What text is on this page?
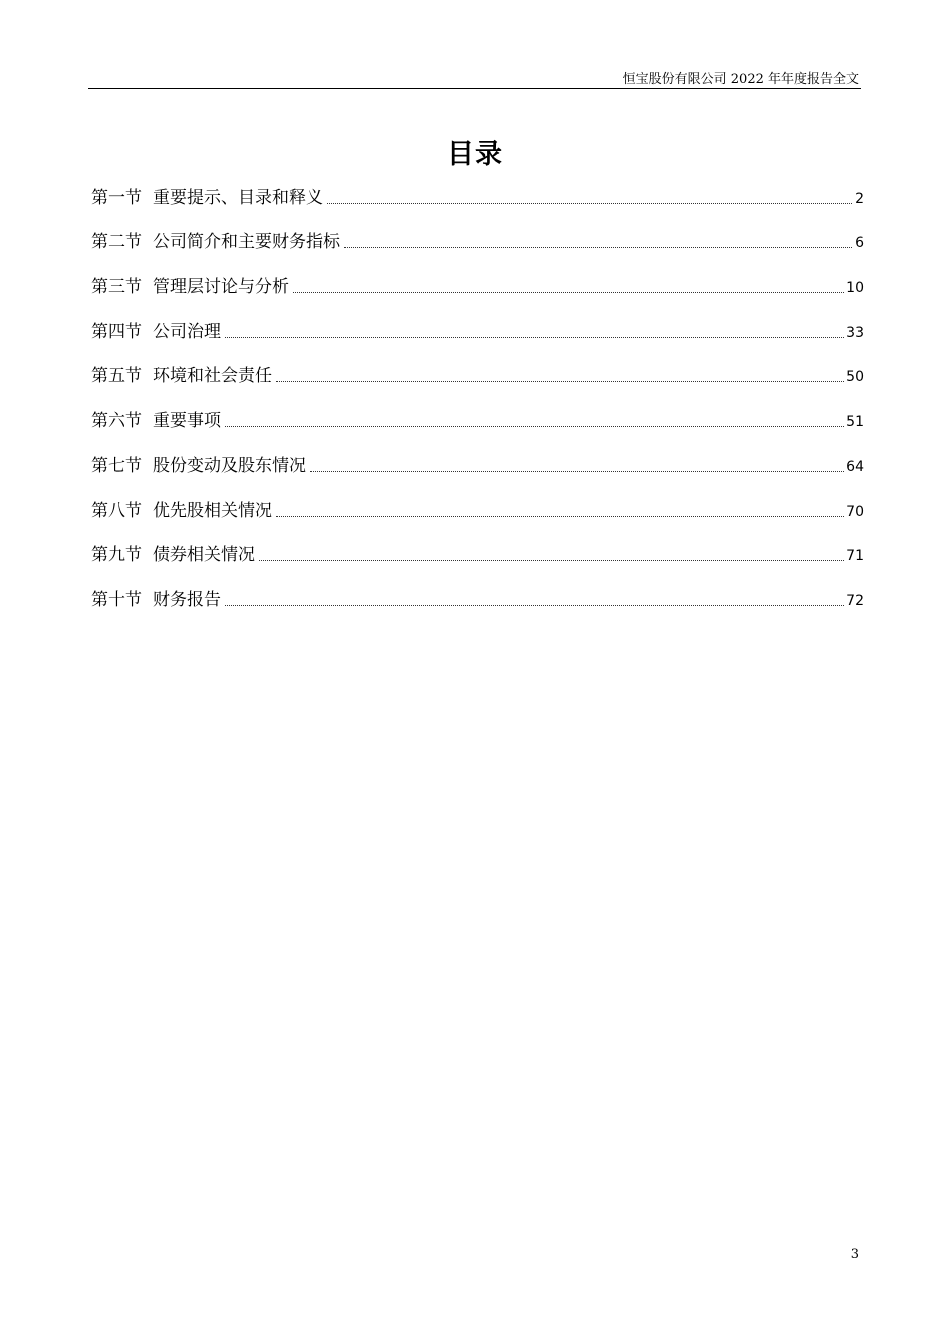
恒宝股份有限公司 2022 年年度报告全文
目录
第一节 重要提示、目录和释义	2
第二节 公司简介和主要财务指标	6
第三节 管理层讨论与分析	10
第四节 公司治理	33
第五节 环境和社会责任	50
第六节 重要事项	51
第七节 股份变动及股东情况	64
第八节 优先股相关情况	70
第九节 债券相关情况	71
第十节 财务报告	72
3
